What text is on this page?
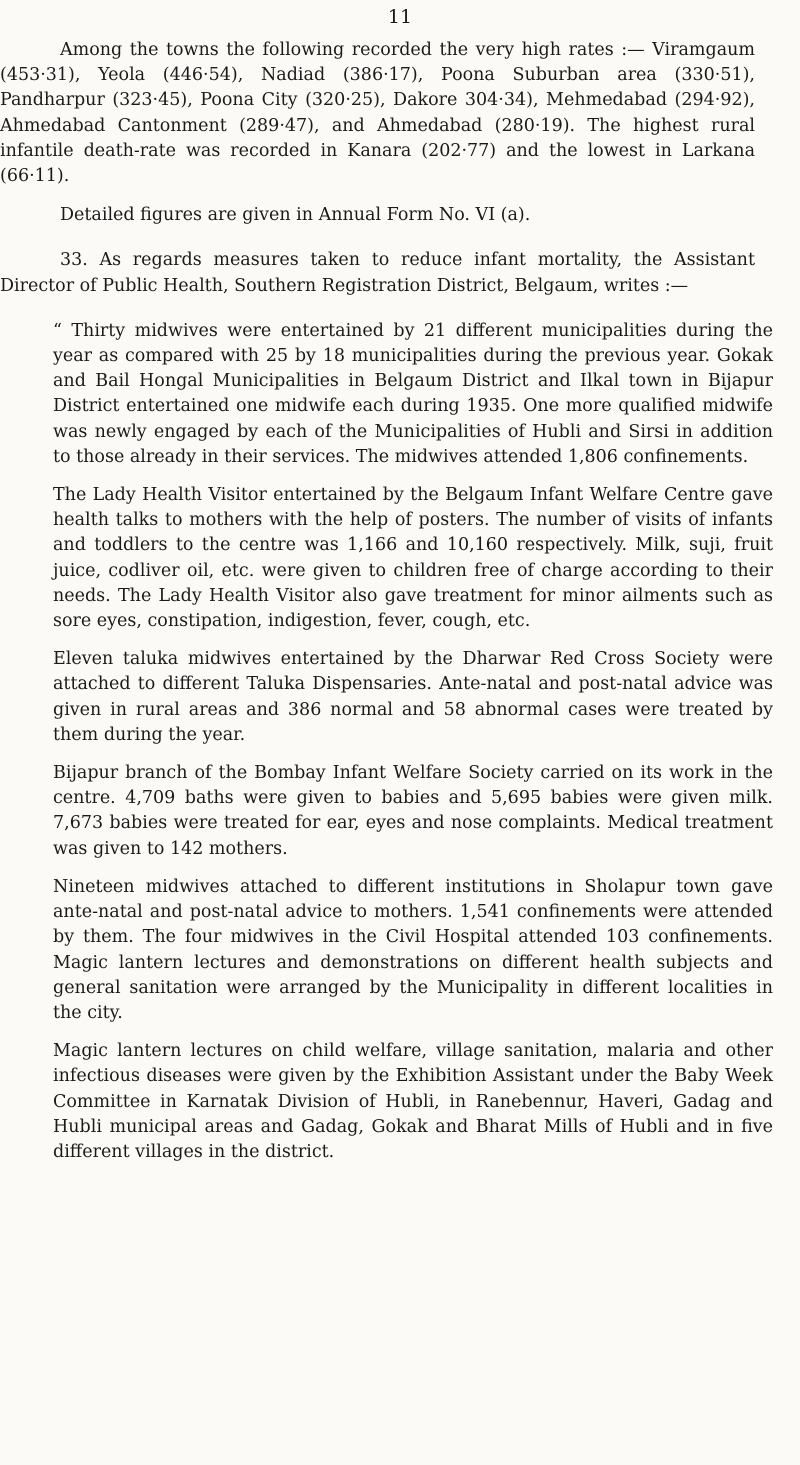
11

Among the towns the following recorded the very high rates :— Viramgaum (453·31), Yeola (446·54), Nadiad (386·17), Poona Suburban area (330·51), Pandharpur (323·45), Poona City (320·25), Dakore 304·34), Mehmedabad (294·92), Ahmedabad Cantonment (289·47), and Ahmedabad (280·19). The highest rural infantile death-rate was recorded in Kanara (202·77) and the lowest in Larkana (66·11).

Detailed figures are given in Annual Form No. VI (a).

33. As regards measures taken to reduce infant mortality, the Assistant Director of Public Health, Southern Registration District, Belgaum, writes :—

“ Thirty midwives were entertained by 21 different municipalities during the year as compared with 25 by 18 municipalities during the previous year. Gokak and Bail Hongal Municipalities in Belgaum District and Ilkal town in Bijapur District entertained one midwife each during 1935. One more qualified midwife was newly engaged by each of the Municipalities of Hubli and Sirsi in addition to those already in their services. The midwives attended 1,806 confinements.

The Lady Health Visitor entertained by the Belgaum Infant Welfare Centre gave health talks to mothers with the help of posters. The number of visits of infants and toddlers to the centre was 1,166 and 10,160 respectively. Milk, suji, fruit juice, codliver oil, etc. were given to children free of charge according to their needs. The Lady Health Visitor also gave treatment for minor ailments such as sore eyes, constipation, indigestion, fever, cough, etc.

Eleven taluka midwives entertained by the Dharwar Red Cross Society were attached to different Taluka Dispensaries. Ante-natal and post-natal advice was given in rural areas and 386 normal and 58 abnormal cases were treated by them during the year.

Bijapur branch of the Bombay Infant Welfare Society carried on its work in the centre. 4,709 baths were given to babies and 5,695 babies were given milk. 7,673 babies were treated for ear, eyes and nose complaints. Medical treatment was given to 142 mothers.

Nineteen midwives attached to different institutions in Sholapur town gave ante-natal and post-natal advice to mothers. 1,541 confinements were attended by them. The four midwives in the Civil Hospital attended 103 confinements. Magic lantern lectures and demonstrations on different health subjects and general sanitation were arranged by the Municipality in different localities in the city.

Magic lantern lectures on child welfare, village sanitation, malaria and other infectious diseases were given by the Exhibition Assistant under the Baby Week Committee in Karnatak Division of Hubli, in Ranebennur, Haveri, Gadag and Hubli municipal areas and Gadag, Gokak and Bharat Mills of Hubli and in five different villages in the district.
